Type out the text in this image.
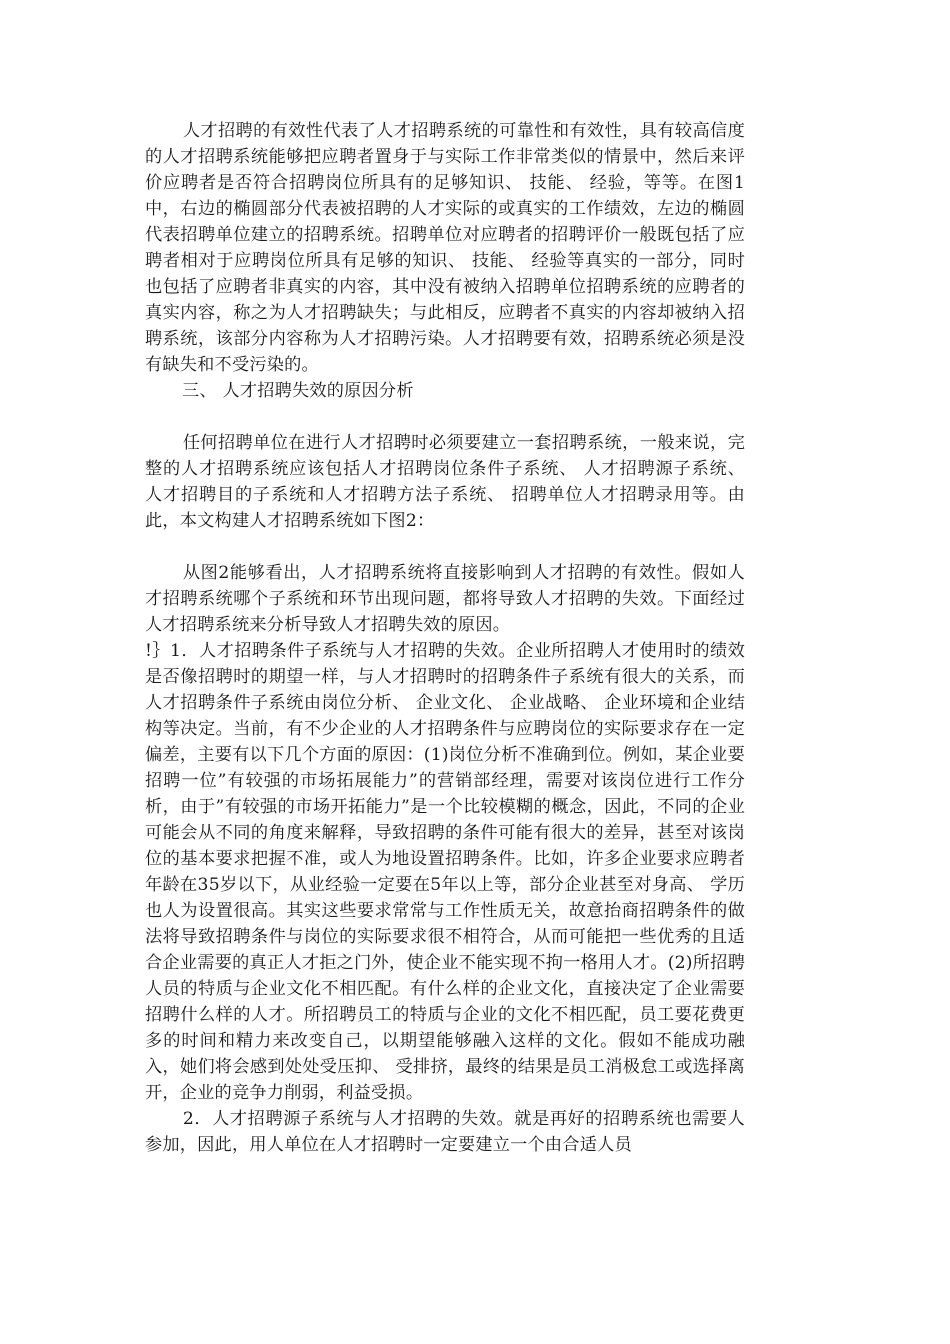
人才招聘的有效性代表了人才招聘系统的可靠性和有效性，具有较高信度的人才招聘系统能够把应聘者置身于与实际工作非常类似的情景中，然后来评价应聘者是否符合招聘岗位所具有的足够知识、 技能、 经验，等等。在图1中，右边的椭圆部分代表被招聘的人才实际的或真实的工作绩效，左边的椭圆代表招聘单位建立的招聘系统。招聘单位对应聘者的招聘评价一般既包括了应聘者相对于应聘岗位所具有足够的知识、 技能、 经验等真实的一部分，同时也包括了应聘者非真实的内容，其中没有被纳入招聘单位招聘系统的应聘者的真实内容，称之为人才招聘缺失；与此相反，应聘者不真实的内容却被纳入招聘系统，该部分内容称为人才招聘污染。人才招聘要有效，招聘系统必须是没有缺失和不受污染的。

三、 人才招聘失效的原因分析

任何招聘单位在进行人才招聘时必须要建立一套招聘系统，一般来说，完整的人才招聘系统应该包括人才招聘岗位条件子系统、 人才招聘源子系统、 人才招聘目的子系统和人才招聘方法子系统、 招聘单位人才招聘录用等。由此，本文构建人才招聘系统如下图2：

从图2能够看出，人才招聘系统将直接影响到人才招聘的有效性。假如人才招聘系统哪个子系统和环节出现问题，都将导致人才招聘的失效。下面经过人才招聘系统来分析导致人才招聘失效的原因。

!｝1．人才招聘条件子系统与人才招聘的失效。企业所招聘人才使用时的绩效是否像招聘时的期望一样，与人才招聘时的招聘条件子系统有很大的关系，而人才招聘条件子系统由岗位分析、 企业文化、 企业战略、 企业环境和企业结构等决定。当前，有不少企业的人才招聘条件与应聘岗位的实际要求存在一定偏差，主要有以下几个方面的原因：(1)岗位分析不准确到位。例如，某企业要招聘一位”有较强的市场拓展能力”的营销部经理，需要对该岗位进行工作分析，由于”有较强的市场开拓能力”是一个比较模糊的概念，因此，不同的企业可能会从不同的角度来解释，导致招聘的条件可能有很大的差异，甚至对该岗位的基本要求把握不准，或人为地设置招聘条件。比如，许多企业要求应聘者年龄在35岁以下，从业经验一定要在5年以上等，部分企业甚至对身高、 学历也人为设置很高。其实这些要求常常与工作性质无关，故意抬商招聘条件的做法将导致招聘条件与岗位的实际要求很不相符合，从而可能把一些优秀的且适合企业需要的真正人才拒之门外，使企业不能实现不拘一格用人才。(2)所招聘人员的特质与企业文化不相匹配。有什么样的企业文化，直接决定了企业需要招聘什么样的人才。所招聘员工的特质与企业的文化不相匹配，员工要花费更多的时间和精力来改变自己，以期望能够融入这样的文化。假如不能成功融入，她们将会感到处处受压抑、 受排挤，最终的结果是员工消极怠工或选择离开，企业的竞争力削弱，利益受损。

2．人才招聘源子系统与人才招聘的失效。就是再好的招聘系统也需要人参加，因此，用人单位在人才招聘时一定要建立一个由合适人员
